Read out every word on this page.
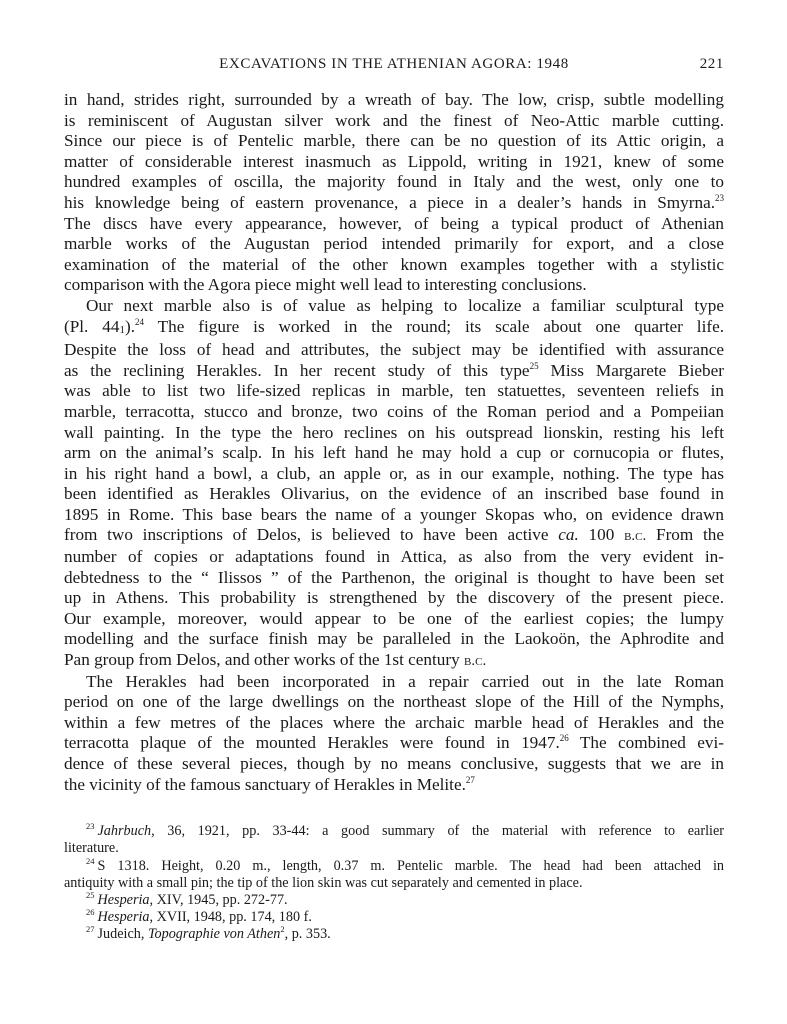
EXCAVATIONS IN THE ATHENIAN AGORA: 1948	221

in hand, strides right, surrounded by a wreath of bay. The low, crisp, subtle modelling
is reminiscent of Augustan silver work and the finest of Neo-Attic marble cutting.
Since our piece is of Pentelic marble, there can be no question of its Attic origin, a
matter of considerable interest inasmuch as Lippold, writing in 1921, knew of some
hundred examples of oscilla, the majority found in Italy and the west, only one to
his knowledge being of eastern provenance, a piece in a dealer’s hands in Smyrna.$^{23}$
The discs have every appearance, however, of being a typical product of Athenian
marble works of the Augustan period intended primarily for export, and a close
examination of the material of the other known examples together with a stylistic
comparison with the Agora piece might well lead to interesting conclusions.

Our next marble also is of value as helping to localize a familiar sculptural type
(Pl. 441).$^{24}$ The figure is worked in the round; its scale about one quarter life.
Despite the loss of head and attributes, the subject may be identified with assurance
as the reclining Herakles. In her recent study of this type$^{25}$ Miss Margarete Bieber
was able to list two life-sized replicas in marble, ten statuettes, seventeen reliefs in
marble, terracotta, stucco and bronze, two coins of the Roman period and a Pompeiian
wall painting. In the type the hero reclines on his outspread lionskin, resting his left
arm on the animal’s scalp. In his left hand he may hold a cup or cornucopia or flutes,
in his right hand a bowl, a club, an apple or, as in our example, nothing. The type has
been identified as Herakles Olivarius, on the evidence of an inscribed base found in
1895 in Rome. This base bears the name of a younger Skopas who, on evidence drawn
from two inscriptions of Delos, is believed to have been active ca. 100 b.c. From the
number of copies or adaptations found in Attica, as also from the very evident in-
debtedness to the “ Ilissos ” of the Parthenon, the original is thought to have been set
up in Athens. This probability is strengthened by the discovery of the present piece.
Our example, moreover, would appear to be one of the earliest copies; the lumpy
modelling and the surface finish may be paralleled in the Laokoön, the Aphrodite and
Pan group from Delos, and other works of the 1st century b.c.

The Herakles had been incorporated in a repair carried out in the late Roman
period on one of the large dwellings on the northeast slope of the Hill of the Nymphs,
within a few metres of the places where the archaic marble head of Herakles and the
terracotta plaque of the mounted Herakles were found in 1947.26 The combined evi-
dence of these several pieces, though by no means conclusive, suggests that we are in
the vicinity of the famous sanctuary of Herakles in Melite.$^{27}$

$^{23}$ Jahrbuch, 36, 1921, pp. 33-44: a good summary of the material with reference to earlier
literature.
$^{24}$ S 1318. Height, 0.20 m., length, 0.37 m. Pentelic marble. The head had been attached in
antiquity with a small pin; the tip of the lion skin was cut separately and cemented in place.
$^{25}$ Hesperia, XIV, 1945, pp. 272-77.
$^{26}$ Hesperia, XVII, 1948, pp. 174, 180 f.
$^{27}$ Judeich, Topographie von Athen$^2$, p. 353.
